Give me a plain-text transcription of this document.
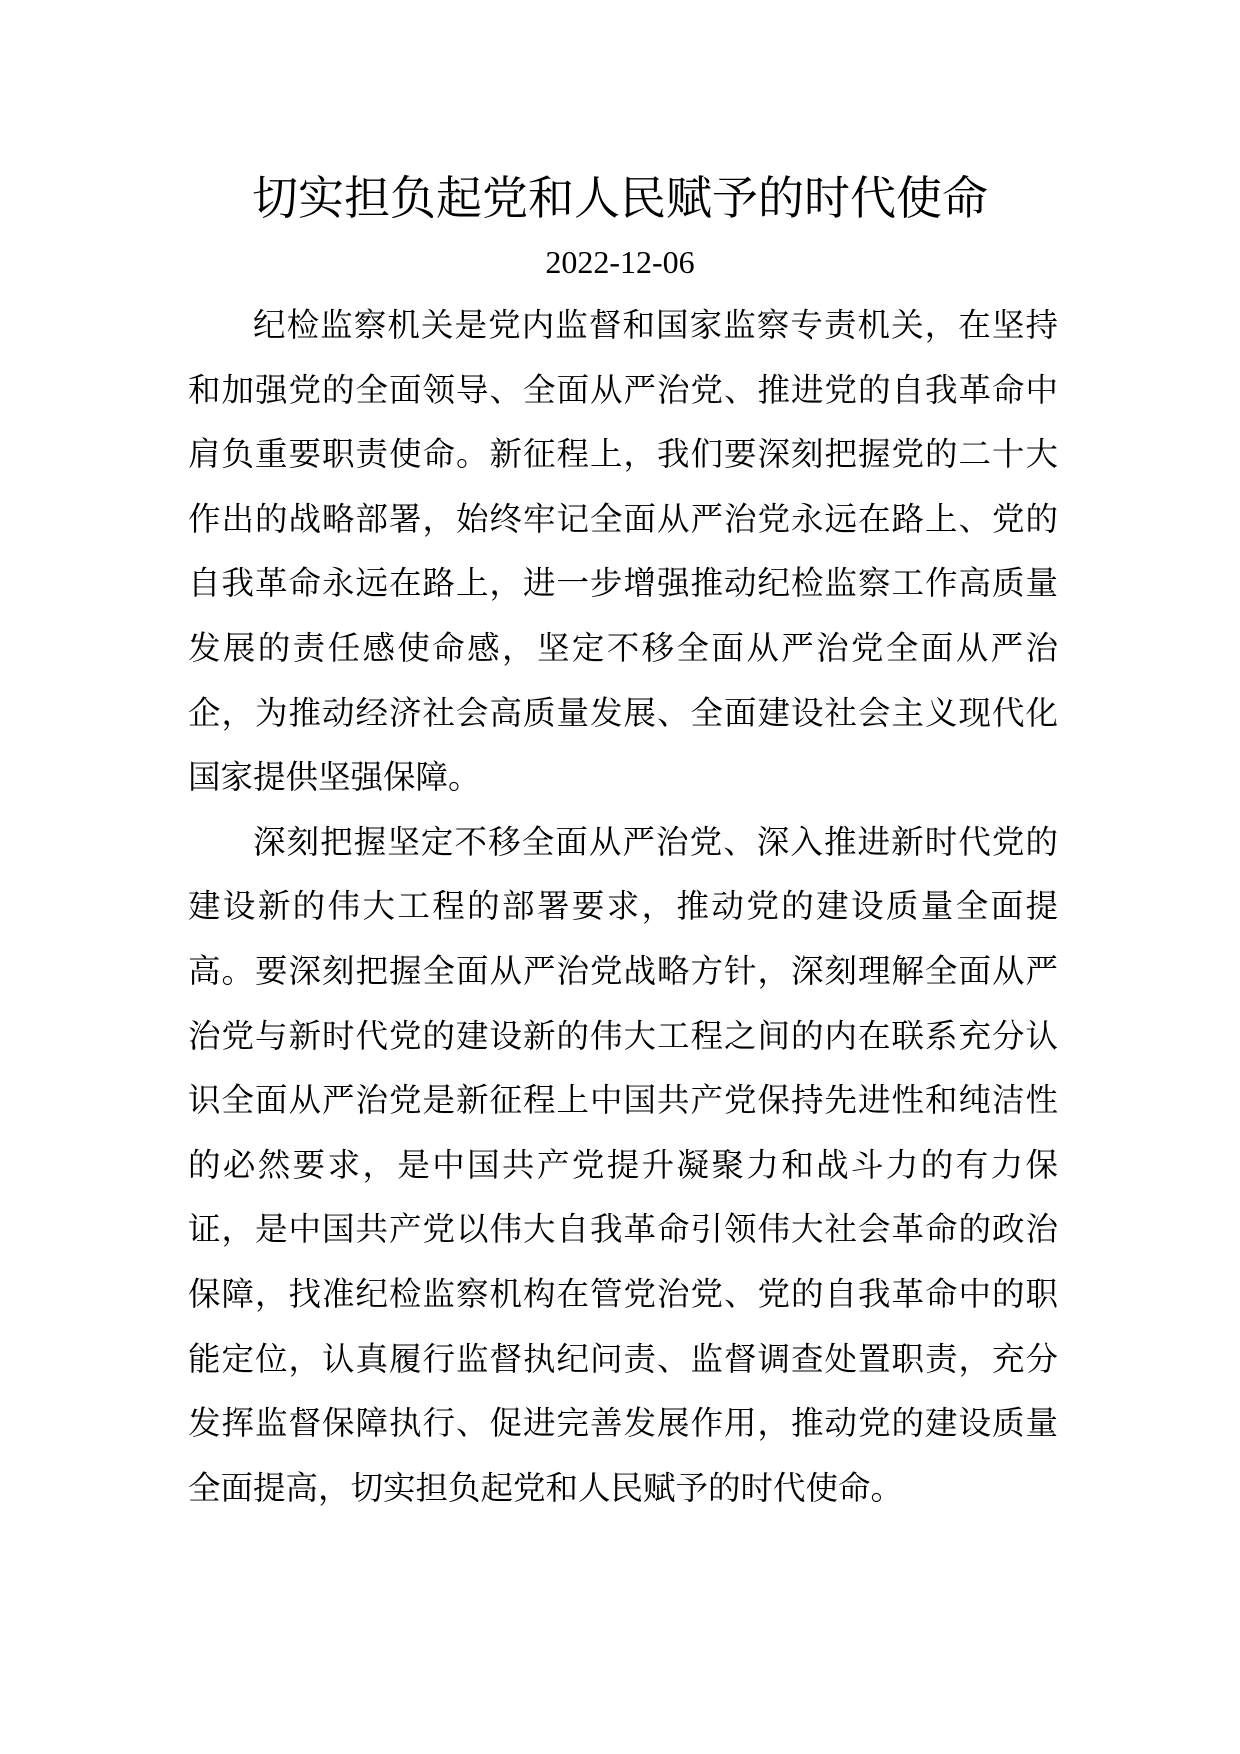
切实担负起党和人民赋予的时代使命
2022-12-06

纪检监察机关是党内监督和国家监察专责机关，在坚持和加强党的全面领导、全面从严治党、推进党的自我革命中肩负重要职责使命。新征程上，我们要深刻把握党的二十大作出的战略部署，始终牢记全面从严治党永远在路上、党的自我革命永远在路上，进一步增强推动纪检监察工作高质量发展的责任感使命感，坚定不移全面从严治党全面从严治企，为推动经济社会高质量发展、全面建设社会主义现代化国家提供坚强保障。

深刻把握坚定不移全面从严治党、深入推进新时代党的建设新的伟大工程的部署要求，推动党的建设质量全面提高。要深刻把握全面从严治党战略方针，深刻理解全面从严治党与新时代党的建设新的伟大工程之间的内在联系充分认识全面从严治党是新征程上中国共产党保持先进性和纯洁性的必然要求，是中国共产党提升凝聚力和战斗力的有力保证，是中国共产党以伟大自我革命引领伟大社会革命的政治保障，找准纪检监察机构在管党治党、党的自我革命中的职能定位，认真履行监督执纪问责、监督调查处置职责，充分发挥监督保障执行、促进完善发展作用，推动党的建设质量全面提高，切实担负起党和人民赋予的时代使命。
